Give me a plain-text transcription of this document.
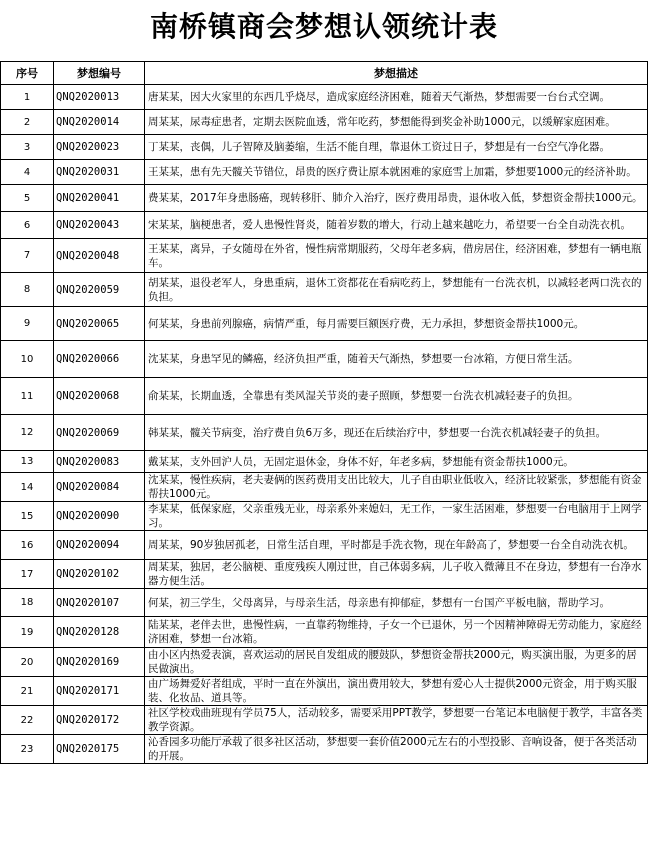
南桥镇商会梦想认领统计表
序号	梦想编号	梦想描述
1	QNQ2020013	唐某某，因大火家里的东西几乎烧尽，造成家庭经济困难，随着天气渐热，梦想需要一台台式空调。
2	QNQ2020014	周某某，尿毒症患者，定期去医院血透，常年吃药，梦想能得到奖金补助1000元，以缓解家庭困难。
3	QNQ2020023	丁某某，丧偶，儿子智障及脑萎缩，生活不能自理，靠退休工资过日子，梦想是有一台空气净化器。
4	QNQ2020031	王某某，患有先天髋关节错位，昂贵的医疗费让原本就困难的家庭雪上加霜，梦想要1000元的经济补助。
5	QNQ2020041	费某某，2017年身患肠癌，现转移肝、肺介入治疗，医疗费用昂贵，退休收入低，梦想资金帮扶1000元。
6	QNQ2020043	宋某某，脑梗患者，爱人患慢性肾炎，随着岁数的增大，行动上越来越吃力，希望要一台全自动洗衣机。
7	QNQ2020048	王某某，离异，子女随母在外省，慢性病常期服药，父母年老多病，借房居住，经济困难，梦想有一辆电瓶车。
8	QNQ2020059	胡某某，退役老军人，身患重病，退休工资都花在看病吃药上，梦想能有一台洗衣机，以减轻老两口洗衣的负担。
9	QNQ2020065	何某某，身患前列腺癌，病情严重，每月需要巨额医疗费，无力承担，梦想资金帮扶1000元。
10	QNQ2020066	沈某某，身患罕见的鳞癌，经济负担严重，随着天气渐热，梦想要一台冰箱，方便日常生活。
11	QNQ2020068	俞某某，长期血透，全靠患有类风湿关节炎的妻子照顾，梦想要一台洗衣机减轻妻子的负担。
12	QNQ2020069	韩某某，髋关节病变，治疗费自负6万多，现还在后续治疗中，梦想要一台洗衣机减轻妻子的负担。
13	QNQ2020083	戴某某，支外回沪人员，无固定退休金，身体不好，年老多病，梦想能有资金帮扶1000元。
14	QNQ2020084	沈某某，慢性疾病，老夫妻俩的医药费用支出比较大，儿子自由职业低收入，经济比较紧张，梦想能有资金帮扶1000元。
15	QNQ2020090	李某某，低保家庭，父亲重残无业，母亲系外来媳妇，无工作，一家生活困难，梦想要一台电脑用于上网学习。
16	QNQ2020094	周某某，90岁独居孤老，日常生活自理，平时都是手洗衣物，现在年龄高了，梦想要一台全自动洗衣机。
17	QNQ2020102	周某某，独居，老公脑梗、重度残疾人刚过世，自己体弱多病，儿子收入微薄且不在身边，梦想有一台净水器方便生活。
18	QNQ2020107	何某，初三学生，父母离异，与母亲生活，母亲患有抑郁症，梦想有一台国产平板电脑，帮助学习。
19	QNQ2020128	陆某某，老伴去世，患慢性病，一直靠药物维持，子女一个已退休，另一个因精神障碍无劳动能力，家庭经济困难，梦想一台冰箱。
20	QNQ2020169	由小区内热爱表演，喜欢运动的居民自发组成的腰鼓队，梦想资金帮扶2000元，购买演出服，为更多的居民做演出。
21	QNQ2020171	由广场舞爱好者组成，平时一直在外演出，演出费用较大，梦想有爱心人士提供2000元资金，用于购买服装、化妆品、道具等。
22	QNQ2020172	社区学校戏曲班现有学员75人，活动较多，需要采用PPT教学，梦想要一台笔记本电脑便于教学，丰富各类教学资源。
23	QNQ2020175	沁香园多功能厅承载了很多社区活动，梦想要一套价值2000元左右的小型投影、音响设备，便于各类活动的开展。
